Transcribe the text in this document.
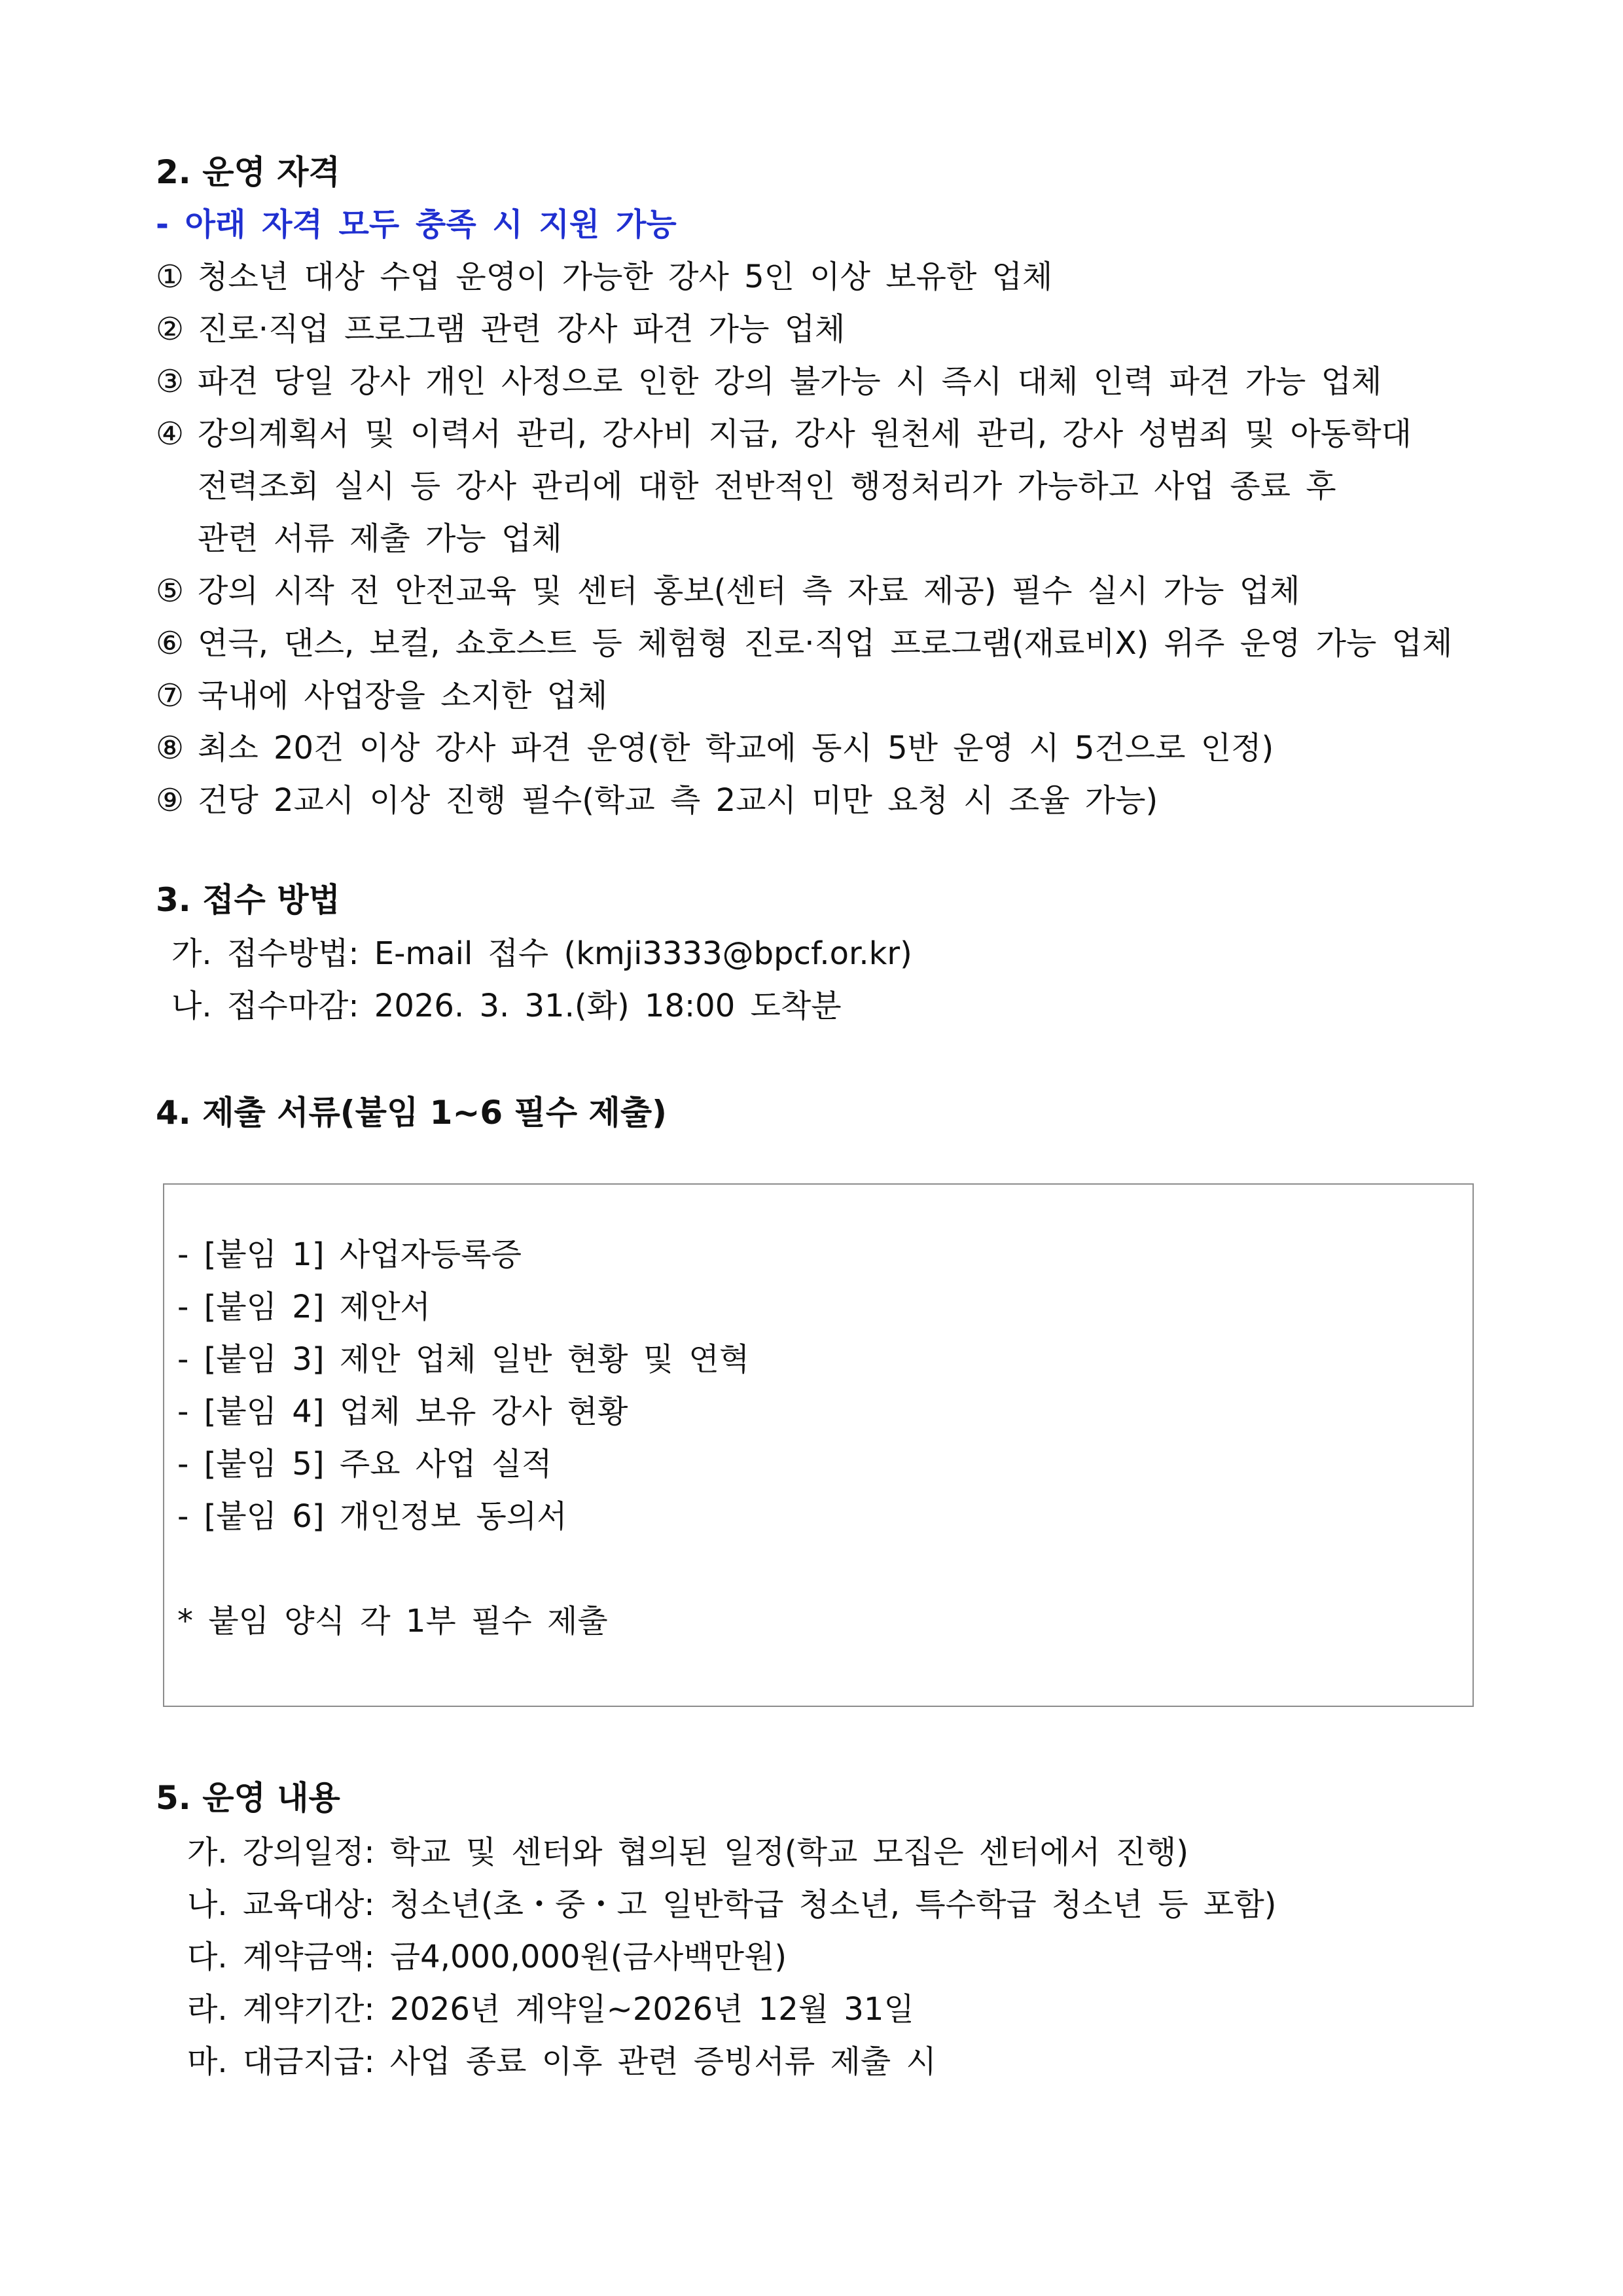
2. 운영 자격
- 아래 자격 모두 충족 시 지원 가능
① 청소년 대상 수업 운영이 가능한 강사 5인 이상 보유한 업체
② 진로·직업 프로그램 관련 강사 파견 가능 업체
③ 파견 당일 강사 개인 사정으로 인한 강의 불가능 시 즉시 대체 인력 파견 가능 업체
④ 강의계획서 및 이력서 관리, 강사비 지급, 강사 원천세 관리, 강사 성범죄 및 아동학대
전력조회 실시 등 강사 관리에 대한 전반적인 행정처리가 가능하고 사업 종료 후
관련 서류 제출 가능 업체
⑤ 강의 시작 전 안전교육 및 센터 홍보(센터 측 자료 제공) 필수 실시 가능 업체
⑥ 연극, 댄스, 보컬, 쇼호스트 등 체험형 진로·직업 프로그램(재료비X) 위주 운영 가능 업체
⑦ 국내에 사업장을 소지한 업체
⑧ 최소 20건 이상 강사 파견 운영(한 학교에 동시 5반 운영 시 5건으로 인정)
⑨ 건당 2교시 이상 진행 필수(학교 측 2교시 미만 요청 시 조율 가능)
3. 접수 방법
가. 접수방법: E-mail 접수 (kmji3333@bpcf.or.kr)
나. 접수마감: 2026. 3. 31.(화) 18:00 도착분
4. 제출 서류(붙임 1~6 필수 제출)
- [붙임 1] 사업자등록증
- [붙임 2] 제안서
- [붙임 3] 제안 업체 일반 현황 및 연혁
- [붙임 4] 업체 보유 강사 현황
- [붙임 5] 주요 사업 실적
- [붙임 6] 개인정보 동의서
* 붙임 양식 각 1부 필수 제출
5. 운영 내용
가. 강의일정: 학교 및 센터와 협의된 일정(학교 모집은 센터에서 진행)
나. 교육대상: 청소년(초・중・고 일반학급 청소년, 특수학급 청소년 등 포함)
다. 계약금액: 금4,000,000원(금사백만원)
라. 계약기간: 2026년 계약일~2026년 12월 31일
마. 대금지급: 사업 종료 이후 관련 증빙서류 제출 시
